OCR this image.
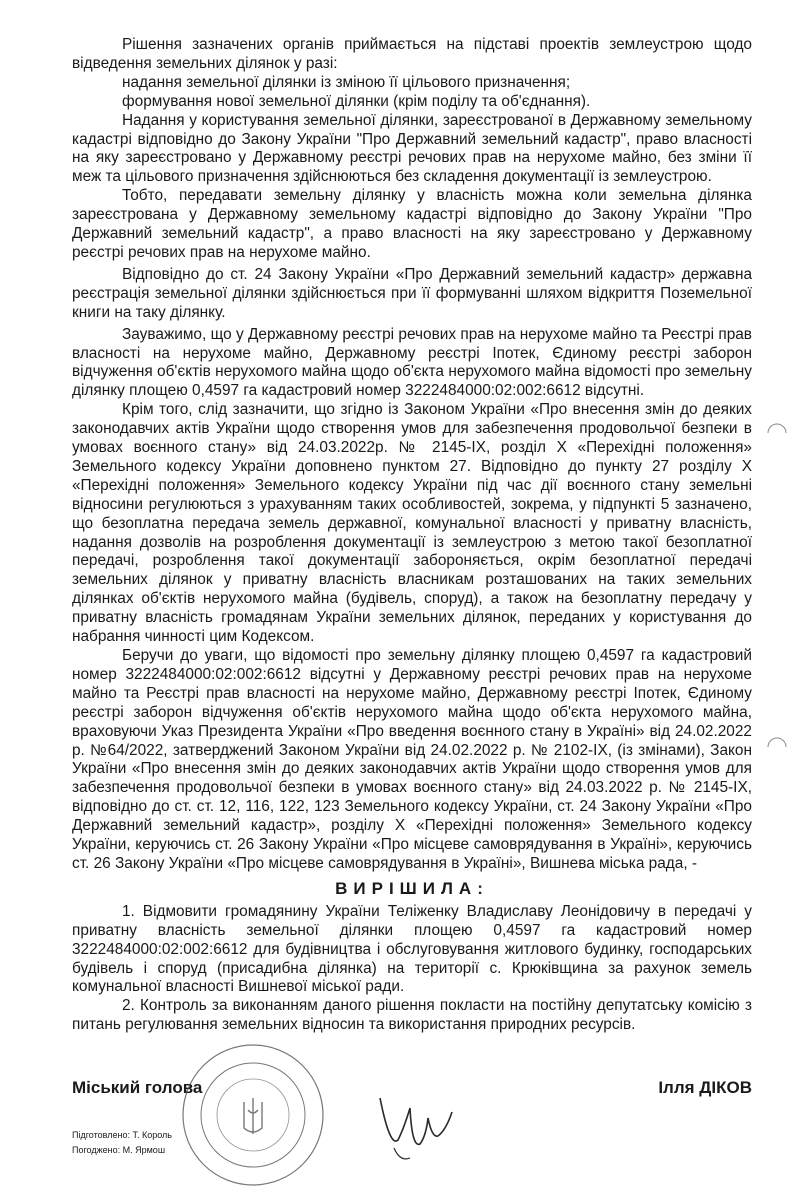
Рішення зазначених органів приймається на підставі проектів землеустрою щодо відведення земельних ділянок у разі:

надання земельної ділянки із зміною її цільового призначення;

формування нової земельної ділянки (крім поділу та об'єднання).

Надання у користування земельної ділянки, зареєстрованої в Державному земельному кадастрі відповідно до Закону України "Про Державний земельний кадастр", право власності на яку зареєстровано у Державному реєстрі речових прав на нерухоме майно, без зміни її меж та цільового призначення здійснюються без складення документації із землеустрою.

Тобто, передавати земельну ділянку у власність можна коли земельна ділянка зареєстрована у Державному земельному кадастрі відповідно до Закону України "Про Державний земельний кадастр", а право власності на яку зареєстровано у Державному реєстрі речових прав на нерухоме майно.

Відповідно до ст. 24 Закону України «Про Державний земельний кадастр» державна реєстрація земельної ділянки здійснюється при її формуванні шляхом відкриття Поземельної книги на таку ділянку.

Зауважимо, що у Державному реєстрі речових прав на нерухоме майно та Реєстрі прав власності на нерухоме майно, Державному реєстрі Іпотек, Єдиному реєстрі заборон відчуження об'єктів нерухомого майна щодо об'єкта нерухомого майна відомості про земельну ділянку площею 0,4597 га кадастровий номер 3222484000:02:002:6612 відсутні.

Крім того, слід зазначити, що згідно із Законом України «Про внесення змін до деяких законодавчих актів України щодо створення умов для забезпечення продовольчої безпеки в умовах воєнного стану» від 24.03.2022р. № 2145-IX, розділ X «Перехідні положення» Земельного кодексу України доповнено пунктом 27. Відповідно до пункту 27 розділу X «Перехідні положення» Земельного кодексу України під час дії воєнного стану земельні відносини регулюються з урахуванням таких особливостей, зокрема, у підпункті 5 зазначено, що безоплатна передача земель державної, комунальної власності у приватну власність, надання дозволів на розроблення документації із землеустрою з метою такої безоплатної передачі, розроблення такої документації забороняється, окрім безоплатної передачі земельних ділянок у приватну власність власникам розташованих на таких земельних ділянках об'єктів нерухомого майна (будівель, споруд), а також на безоплатну передачу у приватну власність громадянам України земельних ділянок, переданих у користування до набрання чинності цим Кодексом.

Беручи до уваги, що відомості про земельну ділянку площею 0,4597 га кадастровий номер 3222484000:02:002:6612 відсутні у Державному реєстрі речових прав на нерухоме майно та Реєстрі прав власності на нерухоме майно, Державному реєстрі Іпотек, Єдиному реєстрі заборон відчуження об'єктів нерухомого майна щодо об'єкта нерухомого майна, враховуючи Указ Президента України «Про введення воєнного стану в Україні» від 24.02.2022 р. №64/2022, затверджений Законом України від 24.02.2022 р. № 2102-IX, (із змінами), Закон України «Про внесення змін до деяких законодавчих актів України щодо створення умов для забезпечення продовольчої безпеки в умовах воєнного стану» від 24.03.2022 р. № 2145-IX, відповідно до ст. ст. 12, 116, 122, 123 Земельного кодексу України, ст. 24 Закону України «Про Державний земельний кадастр», розділу X «Перехідні положення» Земельного кодексу України, керуючись ст. 26 Закону України «Про місцеве самоврядування в Україні», керуючись ст. 26 Закону України «Про місцеве самоврядування в Україні», Вишнева міська рада, -

ВИРІШИЛА:

1. Відмовити громадянину України Теліженку Владиславу Леонідовичу в передачі у приватну власність земельної ділянки площею 0,4597 га кадастровий номер 3222484000:02:002:6612 для будівництва і обслуговування житлового будинку, господарських будівель і споруд (присадибна ділянка) на території с. Крюківщина за рахунок земель комунальної власності Вишневої міської ради.

2. Контроль за виконанням даного рішення покласти на постійну депутатську комісію з питань регулювання земельних відносин та використання природних ресурсів.

Міський голова	Ілля ДІКОВ
Підготовлено: Т. Король
Погоджено: М. Ярмош
